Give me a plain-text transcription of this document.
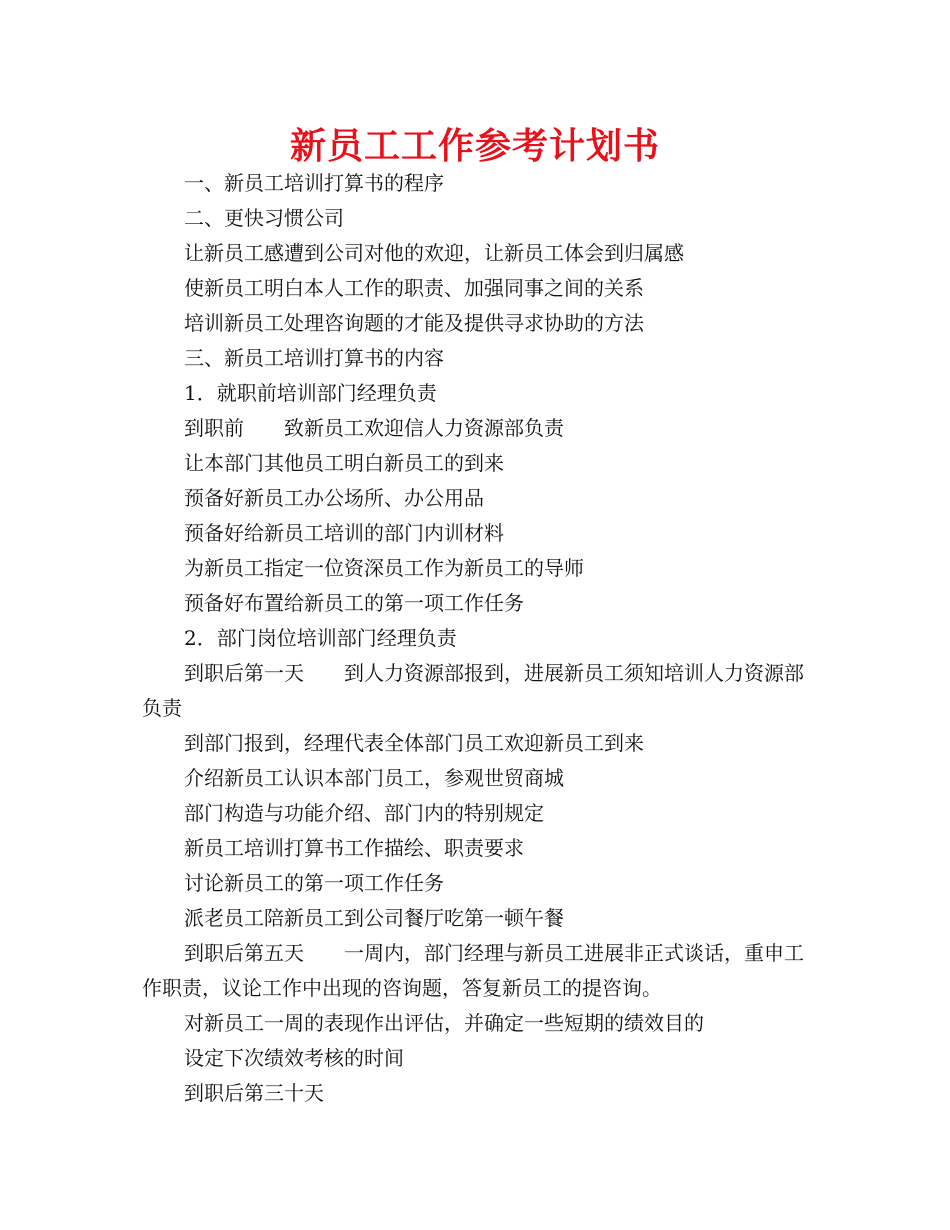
新员工工作参考计划书

一、新员工培训打算书的程序

二、更快习惯公司

让新员工感遭到公司对他的欢迎，让新员工体会到归属感

使新员工明白本人工作的职责、加强同事之间的关系

培训新员工处理咨询题的才能及提供寻求协助的方法

三、新员工培训打算书的内容

1．就职前培训部门经理负责

到职前　　致新员工欢迎信人力资源部负责

让本部门其他员工明白新员工的到来

预备好新员工办公场所、办公用品

预备好给新员工培训的部门内训材料

为新员工指定一位资深员工作为新员工的导师

预备好布置给新员工的第一项工作任务

2．部门岗位培训部门经理负责

到职后第一天　　到人力资源部报到，进展新员工须知培训人力资源部负责

到部门报到，经理代表全体部门员工欢迎新员工到来

介绍新员工认识本部门员工，参观世贸商城

部门构造与功能介绍、部门内的特别规定

新员工培训打算书工作描绘、职责要求

讨论新员工的第一项工作任务

派老员工陪新员工到公司餐厅吃第一顿午餐

到职后第五天　　一周内，部门经理与新员工进展非正式谈话，重申工作职责，议论工作中出现的咨询题，答复新员工的提咨询。

对新员工一周的表现作出评估，并确定一些短期的绩效目的

设定下次绩效考核的时间

到职后第三十天
